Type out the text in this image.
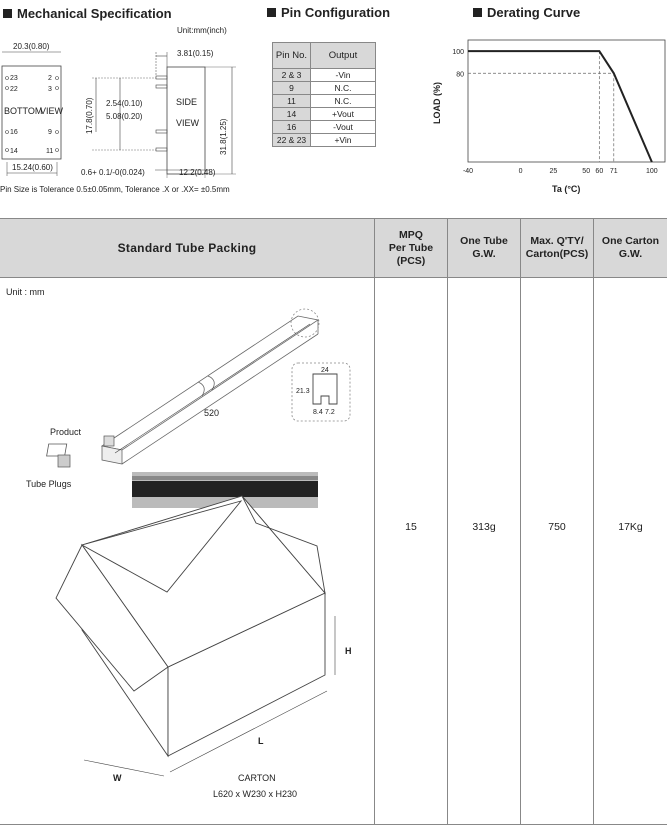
Mechanical Specification	Pin Configuration	Derating Curve
Unit:mm(inch)
20.3(0.80)
23
22
2
3
16	9
14	11
BOTTOM
VIEW
15.24(0.60)
SIDE
VIEW
3.81(0.15)
17.8(0.70) 2.54(0.10)
5.08(0.20)
31.8(1.25)
12.2(0.48)
0.6+ 0.1/-0(0.024)
Pin Size is Tolerance 0.5±0.05mm, Tolerance .X or .XX= ±0.5mm
Pin No.	Output
2 & 3	-Vin
9	N.C.
11	N.C.
14	+Vout
16	-Vout
22 & 23	+Vin
-40	0	25	50 60 71	100
100
80
LOAD (%)
Ta (°C)
Standard Tube Packing
MPQ
Per Tube
(PCS)
One Tube
G.W.
Max. Q'TY/
Carton(PCS)
One Carton
G.W.
15	313g	750	17Kg
Unit : mm
520
24
21.3
8.4 7.2
Product
Tube Plugs
H
L
W	CARTON
L620 x W230 x H230
